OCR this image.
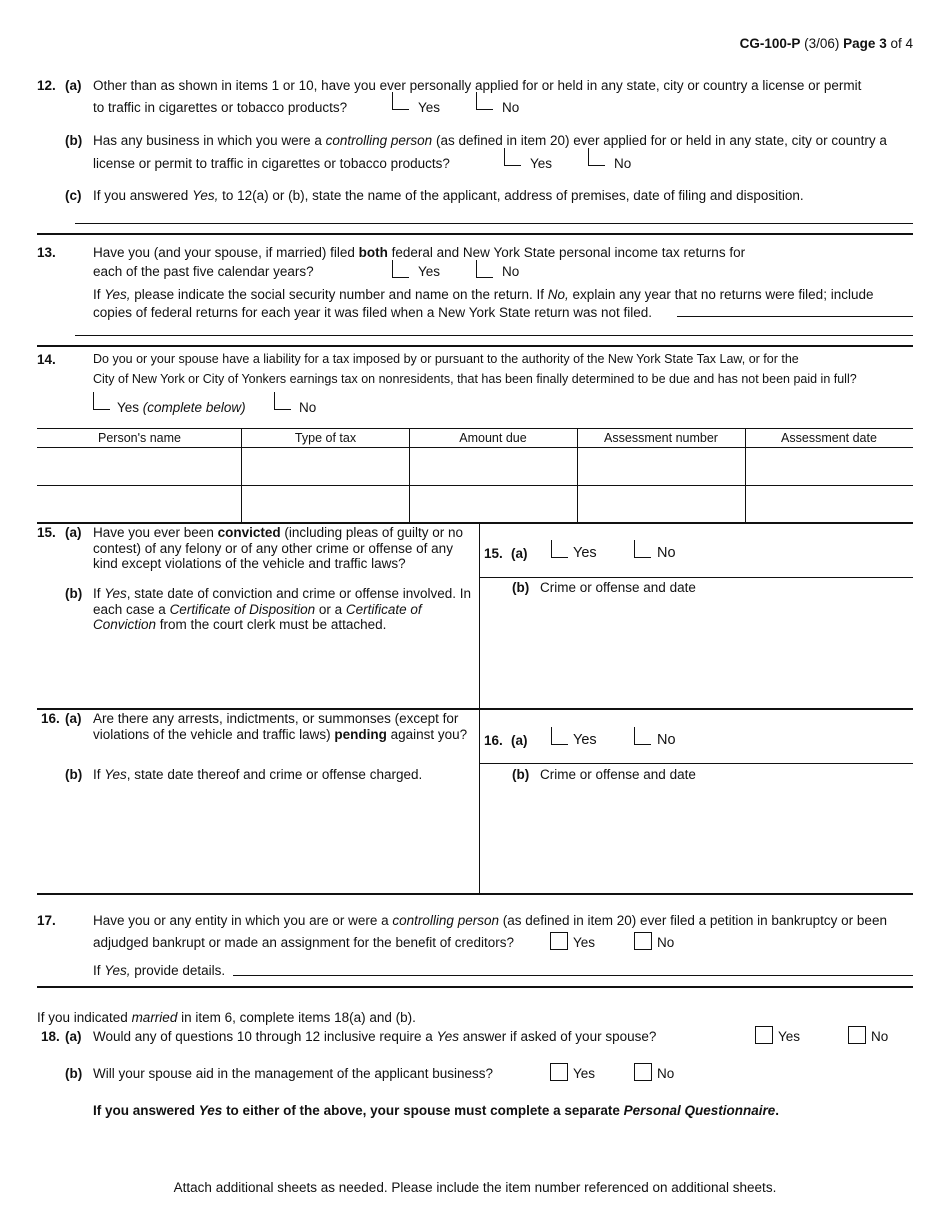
CG-100-P (3/06) Page 3 of 4
12. (a) Other than as shown in items 1 or 10, have you ever personally applied for or held in any state, city or country a license or permit
to traffic in cigarettes or tobacco products?	Yes	No
(b) Has any business in which you were a controlling person (as defined in item 20) ever applied for or held in any state, city or country a
license or permit to traffic in cigarettes or tobacco products?	Yes	No
(c) If you answered Yes, to 12(a) or (b), state the name of the applicant, address of premises, date of filing and disposition.
13.	Have you (and your spouse, if married) filed both federal and New York State personal income tax returns for
each of the past five calendar years?	Yes	No
If Yes, please indicate the social security number and name on the return. If No, explain any year that no returns were filed; include
copies of federal returns for each year it was filed when a New York State return was not filed.
14.	Do you or your spouse have a liability for a tax imposed by or pursuant to the authority of the New York State Tax Law, or for the
City of New York or City of Yonkers earnings tax on nonresidents, that has been finally determined to be due and has not been paid in full?
Yes (complete below)	No
Person's name	Type of tax	Amount due	Assessment number	Assessment date
15. (a) Have you ever been convicted (including pleas of guilty or no contest) of any felony or of any other crime or offense of any kind except violations of the vehicle and traffic laws?
(b) If Yes, state date of conviction and crime or offense involved. In each case a Certificate of Disposition or a Certificate of Conviction from the court clerk must be attached.
15. (a)	Yes	No
(b) Crime or offense and date
16. (a) Are there any arrests, indictments, or summonses (except for violations of the vehicle and traffic laws) pending against you?
(b) If Yes, state date thereof and crime or offense charged.
16. (a)	Yes	No
(b) Crime or offense and date
17.	Have you or any entity in which you are or were a controlling person (as defined in item 20) ever filed a petition in bankruptcy or been
adjudged bankrupt or made an assignment for the benefit of creditors?	Yes	No
If Yes, provide details.
If you indicated married in item 6, complete items 18(a) and (b).
18. (a) Would any of questions 10 through 12 inclusive require a Yes answer if asked of your spouse?	Yes	No
(b) Will your spouse aid in the management of the applicant business?	Yes	No
If you answered Yes to either of the above, your spouse must complete a separate Personal Questionnaire.
Attach additional sheets as needed. Please include the item number referenced on additional sheets.
